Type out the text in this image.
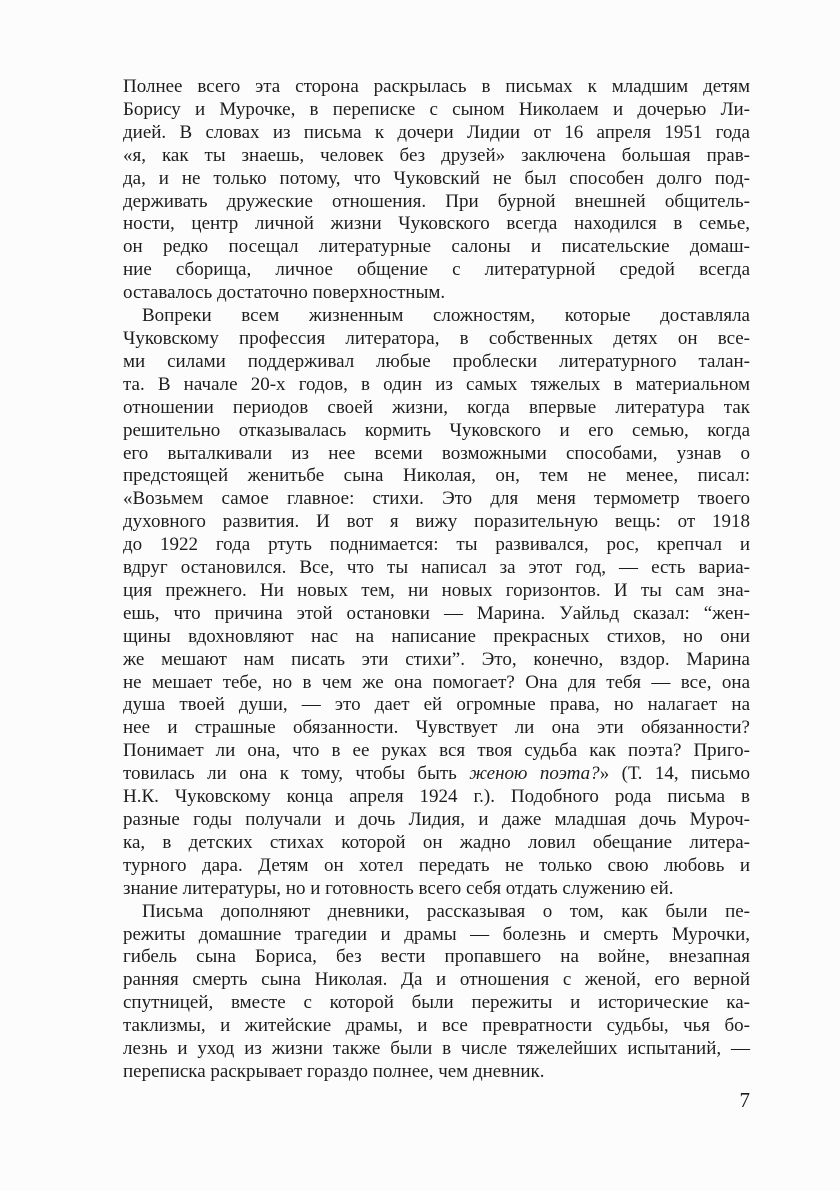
Полнее всего эта сторона раскрылась в письмах к младшим детям
Борису и Мурочке, в переписке с сыном Николаем и дочерью Ли-
дией. В словах из письма к дочери Лидии от 16 апреля 1951 года
«я, как ты знаешь, человек без друзей» заключена большая прав-
да, и не только потому, что Чуковский не был способен долго под-
держивать дружеские отношения. При бурной внешней общитель-
ности, центр личной жизни Чуковского всегда находился в семье,
он редко посещал литературные салоны и писательские домаш-
ние сборища, личное общение с литературной средой всегда
оставалось достаточно поверхностным.
Вопреки всем жизненным сложностям, которые доставляла
Чуковскому профессия литератора, в собственных детях он все-
ми силами поддерживал любые проблески литературного талан-
та. В начале 20-х годов, в один из самых тяжелых в материальном
отношении периодов своей жизни, когда впервые литература так
решительно отказывалась кормить Чуковского и его семью, когда
его выталкивали из нее всеми возможными способами, узнав о
предстоящей женитьбе сына Николая, он, тем не менее, писал:
«Возьмем самое главное: стихи. Это для меня термометр твоего
духовного развития. И вот я вижу поразительную вещь: от 1918
до 1922 года ртуть поднимается: ты развивался, рос, крепчал и
вдруг остановился. Все, что ты написал за этот год, — есть вариа-
ция прежнего. Ни новых тем, ни новых горизонтов. И ты сам зна-
ешь, что причина этой остановки — Марина. Уайльд сказал: “жен-
щины вдохновляют нас на написание прекрасных стихов, но они
же мешают нам писать эти стихи”. Это, конечно, вздор. Марина
не мешает тебе, но в чем же она помогает? Она для тебя — все, она
душа твоей души, — это дает ей огромные права, но налагает на
нее и страшные обязанности. Чувствует ли она эти обязанности?
Понимает ли она, что в ее руках вся твоя судьба как поэта? Приго-
товилась ли она к тому, чтобы быть женою поэта?» (Т. 14, письмо
Н.К. Чуковскому конца апреля 1924 г.). Подобного рода письма в
разные годы получали и дочь Лидия, и даже младшая дочь Муроч-
ка, в детских стихах которой он жадно ловил обещание литера-
турного дара. Детям он хотел передать не только свою любовь и
знание литературы, но и готовность всего себя отдать служению ей.
Письма дополняют дневники, рассказывая о том, как были пе-
режиты домашние трагедии и драмы — болезнь и смерть Мурочки,
гибель сына Бориса, без вести пропавшего на войне, внезапная
ранняя смерть сына Николая. Да и отношения с женой, его верной
спутницей, вместе с которой были пережиты и исторические ка-
таклизмы, и житейские драмы, и все превратности судьбы, чья бо-
лезнь и уход из жизни также были в числе тяжелейших испытаний, —
переписка раскрывает гораздо полнее, чем дневник.
7
